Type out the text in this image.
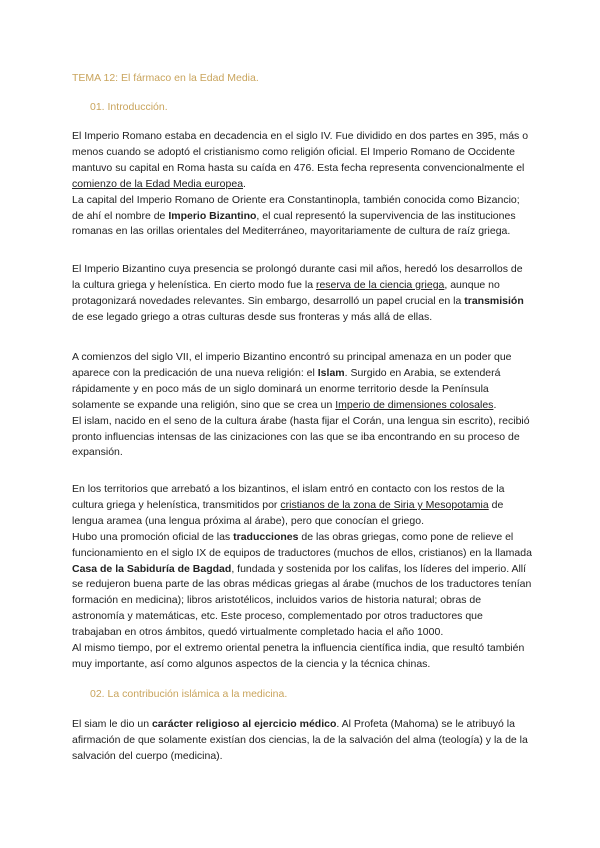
TEMA 12: El fármaco en la Edad Media.
01. Introducción.

El Imperio Romano estaba en decadencia en el siglo IV. Fue dividido en dos partes en 395, más o menos cuando se adoptó el cristianismo como religión oficial. El Imperio Romano de Occidente mantuvo su capital en Roma hasta su caída en 476. Esta fecha representa convencionalmente el comienzo de la Edad Media europea.

La capital del Imperio Romano de Oriente era Constantinopla, también conocida como Bizancio; de ahí el nombre de Imperio Bizantino, el cual representó la supervivencia de las instituciones romanas en las orillas orientales del Mediterráneo, mayoritariamente de cultura de raíz griega.

El Imperio Bizantino cuya presencia se prolongó durante casi mil años, heredó los desarrollos de la cultura griega y helenística. En cierto modo fue la reserva de la ciencia griega, aunque no protagonizará novedades relevantes. Sin embargo, desarrolló un papel crucial en la transmisión de ese legado griego a otras culturas desde sus fronteras y más allá de ellas.

A comienzos del siglo VII, el imperio Bizantino encontró su principal amenaza en un poder que aparece con la predicación de una nueva religión: el Islam. Surgido en Arabia, se extenderá rápidamente y en poco más de un siglo dominará un enorme territorio desde la Península solamente se expande una religión, sino que se crea un Imperio de dimensiones colosales.

El islam, nacido en el seno de la cultura árabe (hasta fijar el Corán, una lengua sin escrito), recibió pronto influencias intensas de las cinizaciones con las que se iba encontrando en su proceso de expansión.

En los territorios que arrebató a los bizantinos, el islam entró en contacto con los restos de la cultura griega y helenística, transmitidos por cristianos de la zona de Siria y Mesopotamia de lengua aramea (una lengua próxima al árabe), pero que conocían el griego.

Hubo una promoción oficial de las traducciones de las obras griegas, como pone de relieve el funcionamiento en el siglo IX de equipos de traductores (muchos de ellos, cristianos) en la llamada Casa de la Sabiduría de Bagdad, fundada y sostenida por los califas, los líderes del imperio. Allí se redujeron buena parte de las obras médicas griegas al árabe (muchos de los traductores tenían formación en medicina); libros aristotélicos, incluidos varios de historia natural; obras de astronomía y matemáticas, etc. Este proceso, complementado por otros traductores que trabajaban en otros ámbitos, quedó virtualmente completado hacia el año 1000.

Al mismo tiempo, por el extremo oriental penetra la influencia científica india, que resultó también muy importante, así como algunos aspectos de la ciencia y la técnica chinas.

02. La contribución islámica a la medicina.

El siam le dio un carácter religioso al ejercicio médico. Al Profeta (Mahoma) se le atribuyó la afirmación de que solamente existían dos ciencias, la de la salvación del alma (teología) y la de la salvación del cuerpo (medicina).
